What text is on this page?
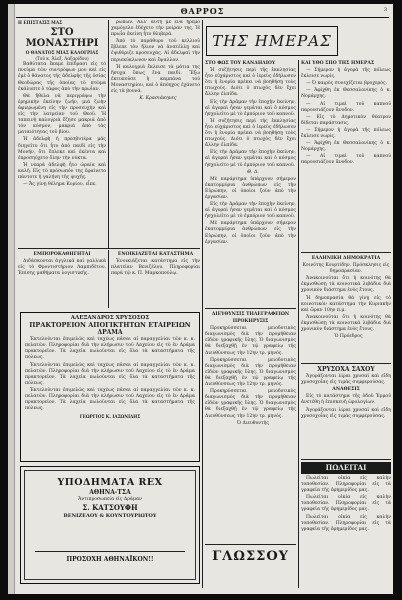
ΘΑΡΡΟΣ	3
Η ΕΠΙΣΤΑΣΙΣ ΜΑΣ
ΣΤΟ ΜΟΝΑΣΤΗΡΙ
Ο ΘΑΝΑΤΟΣ ΜΙΑΣ ΚΑΛΟΓΡΙΑΣ
(Τοῦ κ. Ἀλεξ. Λαζαρίδου)

Βαθύτατα ἔκαμε ἐπίδρασι εἰς τὸ πνεῦμα τῶν συντρόφων μου καὶ εἰς ἐμὲ ὁ θάνατος τῆς ἀδελφῆς τῆς ὁσίας Θεοδώρας τῆς ὁποίας τὸ πτῶμα ἐκάλυπτε ὁ τάφος ἀπὸ τὴν πρωΐαν.

Θὰ ἤθελα νὰ περιγράψω τὴν ἐρημικὴν ἐκείνην ζωήν, μιὰ ζωὴν ἀφιερωμένη εἰς τὴν προσευχὴν καὶ εἰς τὴν λατρείαν τοῦ Θεοῦ. Ἡ ταπεινὴ καλογριὰ ἔζησε μακριὰ ἀπὸ τὸν κόσμον, μακριὰ ἀπὸ τὰς ματαιότητας τοῦ βίου.

Ἡ ἀδελφὴ ἡ πρεσβυτέρα μᾶς διηγεῖτο ὅτι ἦτο ἀπὸ παιδὶ εἰς τὴν Μονήν, ὅτι ἔπλεκε καὶ ἐκέντα καὶ ἐπροσηύχετο ὅλην τὴν νύκτα.

Ἡ νεαρὰ ἀδελφὴ ἦτο ὡραία καὶ καλή. Εἰς τὸ πρόσωπόν της ἐφαίνετο πάντοτε ἡ γαλήνη τῆς ψυχῆς.

— Ἄς γίνῃ θέλημα Κυρίου, εἶπε.

ρώπων. Ἀλλ' αὐτὴ μὲ ἕνα ἥρεμο χαμόγελο ἐδέχετο τὴν μοίραν της. Ἡ πρωΐα ἐκείνη ἦτο θλιβερά.

Ἀπὸ τὸ παράθυρο τοῦ κελλιοῦ ἔβλεπε τὸν ἥλιον νὰ ἀνατέλλῃ καὶ ἐψιθύριζε προσευχάς. Αἱ ἀδελφαὶ τὴν περιεκύκλωνον καὶ ἔψαλλον.

Ἡ καλογριὰ ἔκλεισε τὰ μάτια της ἥσυχα ὅπως ἕνα παιδί. Ἔξω ἐκτυποῦσε ἡ καμπάνα τοῦ Μοναστηρίου, καὶ ὁ ἀπόηχος ἐχάνετο εἰς τὰ βουνά.

Κ. Κρασιάκηνες

ΕΜΠΟΡΟΚΑΘΗΓΗΤΑΙ

Διδάσκονται ἀγγλικά καὶ γαλλικά εἰς τὸ Φροντιστήριον Λαμπιδέτου. Ἐπίσης μαθήματα λογιστικῆς.

ΕΝΟΙΚΙΑΖΕΤΑΙ ΚΑΤΑΣΤΗΜΑ

Ἐνοικιάζεται κατάστημα εἰς τὴν πλατεῖαν Βενιζέλου. Πληροφορίαι παρὰ τῷ κ. Π. Μαρκοπούλῳ.

ΑΛΕΞΑΝΔΡΟΣ ΧΡΥΣΟΣΟΣ
ΠΡΑΚΤΟΡΕΙΟΝ ΑΠΟΓΙΚΤΗΤΩΝ ΕΤΑΙΡΕΙΩΝ
ΔΡΑΜΑ

Ἐκτελοῦνται ἐπιμελῶς καὶ ταχέως πᾶσαι αἱ παραγγελίαι τῶν κ. κ. πελατῶν. Πληροφορίαι διὰ τὴν κλήρωσιν τοῦ Λαχείου εἰς τὸ ἐν Δράμα πρακτορεῖον. Τὰ λαχεῖα πωλοῦνται εἰς ὅλα τὰ καταστήματα τῆς πόλεως.

Ἐκτελοῦνται ἐπιμελῶς καὶ ταχέως πᾶσαι αἱ παραγγελίαι τῶν κ. κ. πελατῶν. Πληροφορίαι διὰ τὴν κλήρωσιν τοῦ Λαχείου εἰς τὸ ἐν Δράμα πρακτορεῖον. Τὰ λαχεῖα πωλοῦνται εἰς ὅλα τὰ καταστήματα τῆς πόλεως.

Ἐκτελοῦνται ἐπιμελῶς καὶ ταχέως πᾶσαι αἱ παραγγελίαι τῶν κ. κ. πελατῶν. Πληροφορίαι διὰ τὴν κλήρωσιν τοῦ Λαχείου εἰς τὸ ἐν Δράμα πρακτορεῖον. Τὰ λαχεῖα πωλοῦνται εἰς ὅλα τὰ καταστήματα τῆς πόλεως.

ΓΕΩΡΓΙΟΣ Κ. ΙΑΣΩΝΙΔΗΣ
ΥΠΟΔΗΜΑΤΑ REX
ΑΘΗΝΑ-ΤΣΑ
Ἀντιπροσωπεία εἰς Δράμαν
Σ. ΚΑΤΣΟΥΦΗ
ΒΕΝΙΖΕΛΟΥ & ΚΟΥΝΤΟΥΡΙΩΤΟΥ
ΠΡΟΣΟΧΗ ΑΘΗΝΑΪΚΟΝ!!
ΤΗΣ ΗΜΕΡΑΣ
ΣΤΟ ΦΩΣ ΤΟΥ ΚΑΝΔΗΛΙΟΥ

Ἡ συζήτησις περὶ τῆς ἐκκλησίας ἦτο εὐχάριστος καὶ ὁ ἱερεὺς ἐδήλωσεν ὅτι ἡ ἐνορία πρέπει νὰ βοηθήσῃ τοὺς πτωχούς. Διότι ὁ πτωχὸς δὲν ἔχει ἄλλην ἐλπίδα.

Εἰς τὴν Δρᾶμαν τὴν ἐποχὴν ἐκείνην, αἱ ἀγοραὶ ἦσαν γεμᾶται καὶ ὁ κόσμος ἠσχολεῖτο μὲ τὸ ἐμπόριον τοῦ καπνοῦ.

Ἡ συζήτησις περὶ τῆς ἐκκλησίας ἦτο εὐχάριστος καὶ ὁ ἱερεὺς ἐδήλωσεν ὅτι ἡ ἐνορία πρέπει νὰ βοηθήσῃ τοὺς πτωχούς. Διότι ὁ πτωχὸς δὲν ἔχει ἄλλην ἐλπίδα.

Εἰς τὴν Δρᾶμαν τὴν ἐποχὴν ἐκείνην, αἱ ἀγοραὶ ἦσαν γεμᾶται καὶ ὁ κόσμος ἠσχολεῖτο μὲ τὸ ἐμπόριον τοῦ καπνοῦ.

Θ. Δ.

Μὲ παράρτημα ὑπάρχουν σήμερον ἐκατομμύρια ἀνθρώπων εἰς τὴν Εὐρώπην, οἱ ὁποῖοι ζοῦν ἀπὸ τὴν ἐργασίαν.

Εἰς τὴν Δρᾶμαν τὴν ἐποχὴν ἐκείνην, αἱ ἀγοραὶ ἦσαν γεμᾶται καὶ ὁ κόσμος ἠσχολεῖτο μὲ τὸ ἐμπόριον τοῦ καπνοῦ.

Μὲ παράρτημα ὑπάρχουν σήμερον ἐκατομμύρια ἀνθρώπων εἰς τὴν Εὐρώπην, οἱ ὁποῖοι ζοῦν ἀπὸ τὴν ἐργασίαν.

ΔΙΕΥΘΥΝΣΙΣ ΤΗΛΕΓΡΑΦΕΙΩΝ
ΠΡΟΚΗΡΥΞΙΣ

Προκηρύσσεται μειοδοτικὸς διαγωνισμὸς διὰ τὴν προμήθειαν εἰδῶν γραφικῆς ὕλης. Ὁ διαγωνισμὸς θὰ διεξαχθῇ ἐν τῷ γραφείῳ τῆς Διευθύνσεως τὴν 12ην τρ. μηνός.

Προκηρύσσεται μειοδοτικὸς διαγωνισμὸς διὰ τὴν προμήθειαν εἰδῶν γραφικῆς ὕλης. Ὁ διαγωνισμὸς θὰ διεξαχθῇ ἐν τῷ γραφείῳ τῆς Διευθύνσεως τὴν 12ην τρ. μηνός.

Προκηρύσσεται μειοδοτικὸς διαγωνισμὸς διὰ τὴν προμήθειαν εἰδῶν γραφικῆς ὕλης. Ὁ διαγωνισμὸς θὰ διεξαχθῇ ἐν τῷ γραφείῳ τῆς Διευθύνσεως τὴν 12ην τρ. μηνός.

Ὁ Διευθυντὴς

ΓΛΩΣΣΟΥ
ΚΑΙ ΥΘΟ ΣΠΟ ΤΗΣ ΗΜΕΡΑΣ

— Σήμερον ἡ ἀγορὰ τῆς πόλεως ἔκλεισε νωρίς.

— Ὁ καιρὸς συνεχίζεται βροχερός.

— Ἀφίχθη ἐκ Θεσσαλονίκης ὁ κ. Νομάρχης.

— Αἱ τιμαὶ τοῦ καπνοῦ παρουσιάζουν ἄνοδον.

— Εἰς τὸ Δημοτικὸν θέατρον δίδεται παράστασις.

— Σήμερον ἡ ἀγορὰ τῆς πόλεως ἔκλεισε νωρίς.

— Ἀφίχθη ἐκ Θεσσαλονίκης ὁ κ. Νομάρχης.

— Αἱ τιμαὶ τοῦ καπνοῦ παρουσιάζουν ἄνοδον.

ΕΛΛΗΝΙΚΗ ΔΗΜΟΚΡΑΤΙΑ
Κοινότης Κουρτίδην. Πρόσκλησις εἰς δημοπρασίαν.

Ἀνακοινοῦται ὅτι ἡ κοινότης θὰ ἐκμισθώσῃ τὰ κοινοτικὰ λιβάδια διὰ χρονικὸν διάστημα ἑνὸς ἔτους.

Ἡ δημοπρασία θὰ γίνῃ εἰς τὸ κοινοτικὸν κατάστημα τὴν Κυριακὴν καὶ ὥραν 10ην π.μ.

Ἀνακοινοῦται ὅτι ἡ κοινότης θὰ ἐκμισθώσῃ τὰ κοινοτικὰ λιβάδια διὰ χρονικὸν διάστημα ἑνὸς ἔτους.

Ὁ Πρόεδρος

ΧΡΥΣΟΧΑ ΣΑΧΟΥ

Ἀγοράζονται λίραι χρυσαῖ καὶ εἴδη χρυσοχοΐας εἰς τιμὰς συμφερούσας.

ΑΝΑΘΕΣΙΣ

Εἰς τὸ κατάστημα τῆς ὁδοῦ Ἑρμοῦ ἀνετέθη ἡ ἐπισκευὴ ὡρολογίων.

Ἀγοράζονται λίραι χρυσαῖ καὶ εἴδη χρυσοχοΐας εἰς τιμὰς συμφερούσας.

ΠΩΛΕΙΤΑΙ

Πωλεῖται οἰκία εἰς καλὴν τοποθεσίαν. Πληροφορίαι εἰς τὰ γραφεῖα τῆς ἐφημερίδος μας.

Πωλεῖται οἰκία εἰς καλὴν τοποθεσίαν. Πληροφορίαι εἰς τὰ γραφεῖα τῆς ἐφημερίδος μας.

Πωλεῖται οἰκία εἰς καλὴν τοποθεσίαν. Πληροφορίαι εἰς τὰ γραφεῖα τῆς ἐφημερίδος μας.
